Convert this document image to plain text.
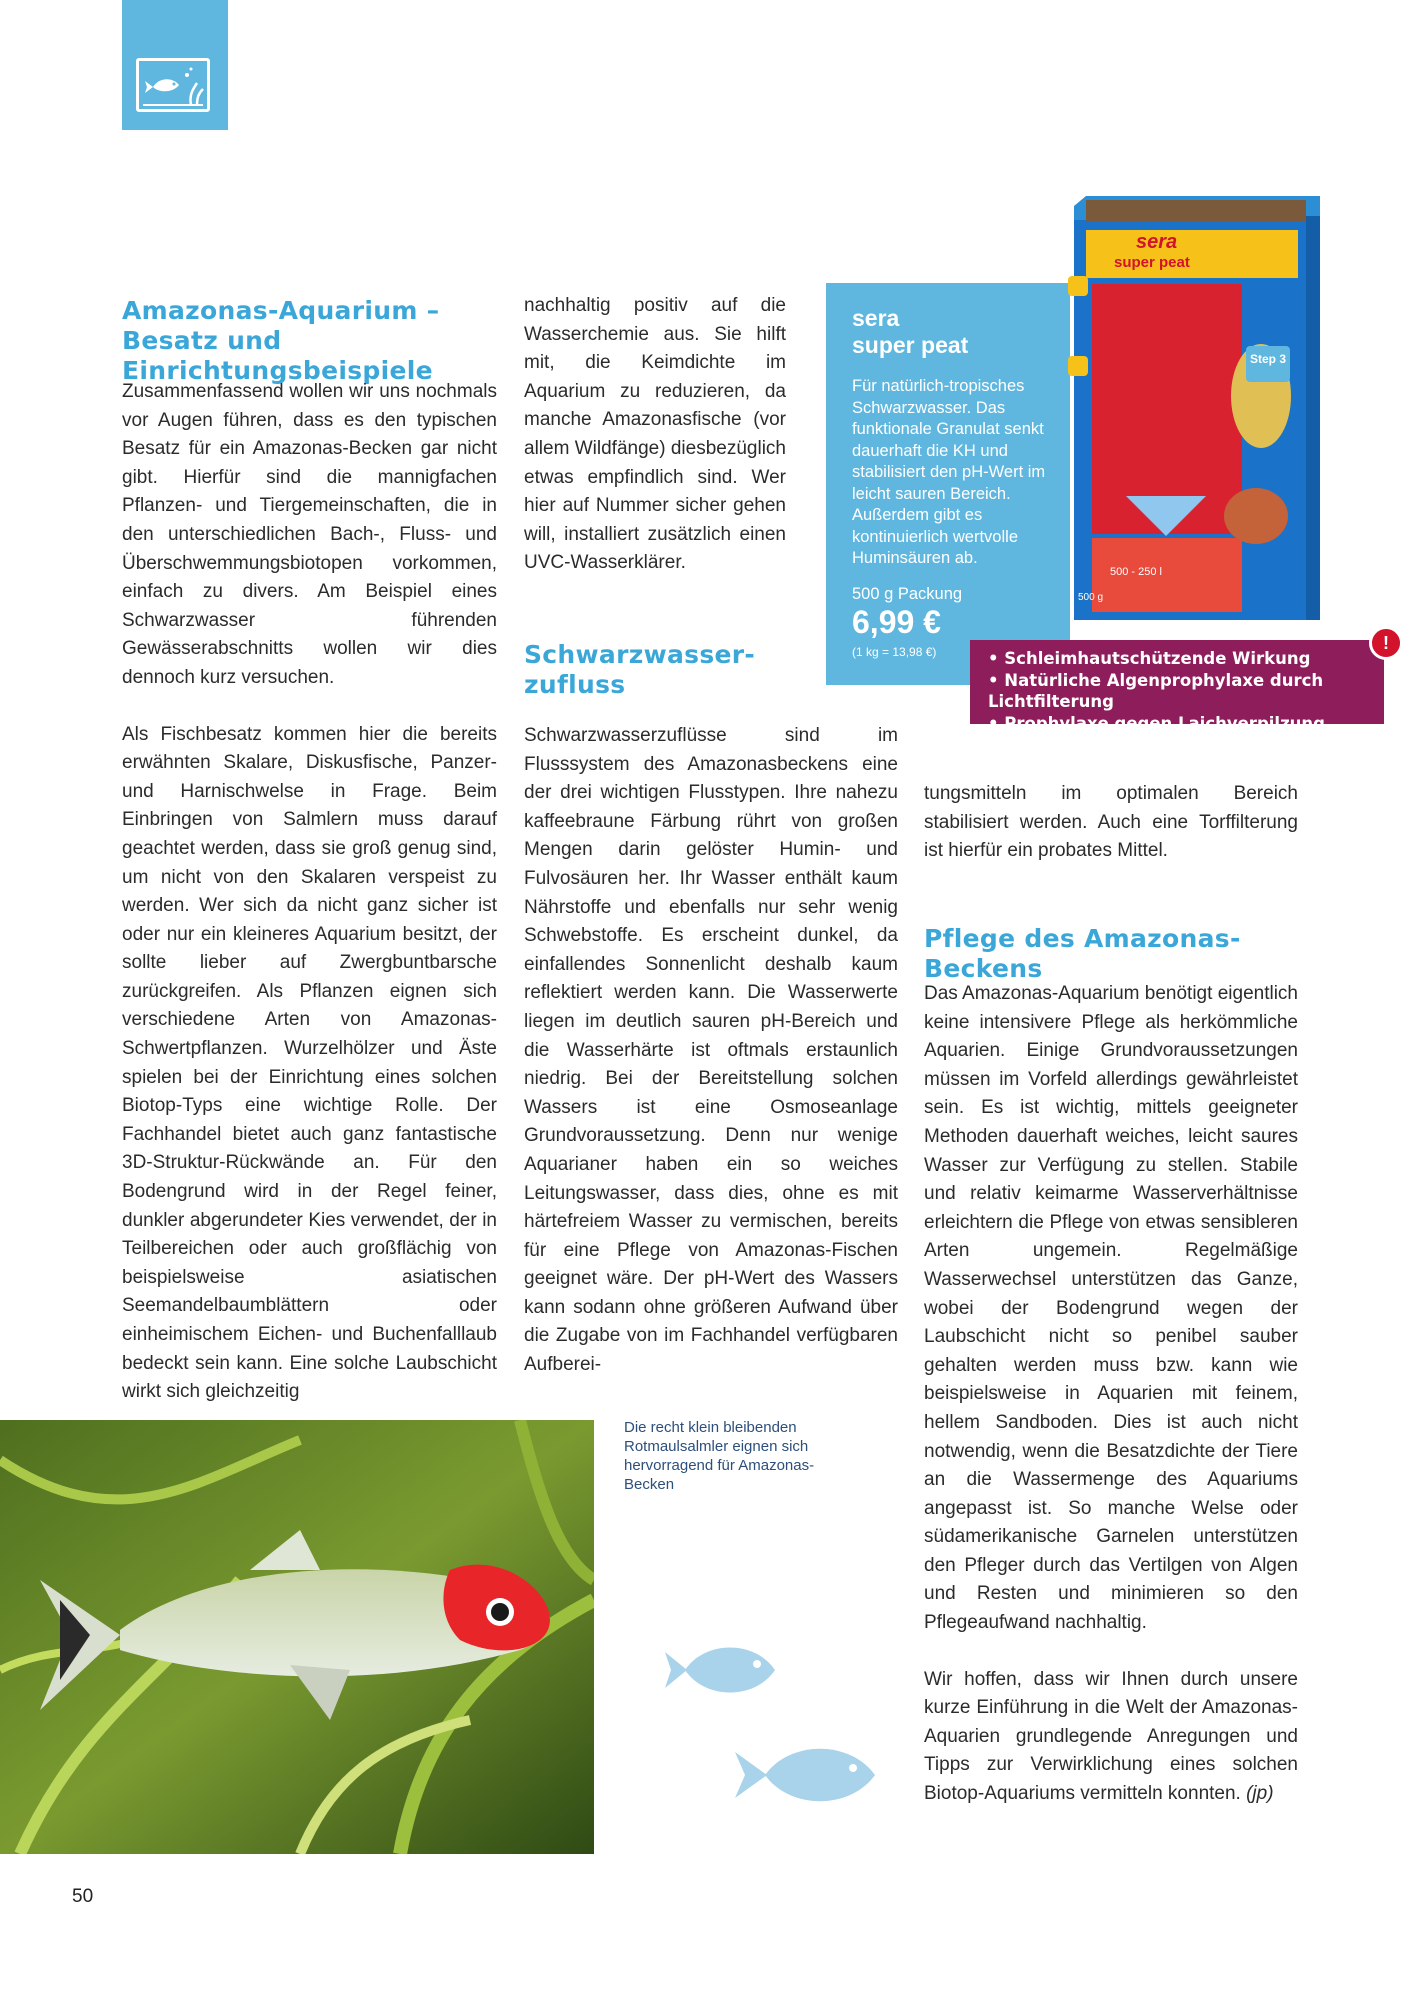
Amazonas-Aquarium – Besatz und Einrichtungsbeispiele

Zusammenfassend wollen wir uns nochmals vor Augen führen, dass es den typischen Besatz für ein Amazonas-Becken gar nicht gibt. Hierfür sind die mannigfachen Pflanzen- und Tiergemeinschaften, die in den unterschiedlichen Bach-, Fluss- und Überschwemmungsbiotopen vorkommen, einfach zu divers. Am Beispiel eines Schwarzwasser führenden Gewässerabschnitts wollen wir dies dennoch kurz versuchen.

Als Fischbesatz kommen hier die bereits erwähnten Skalare, Diskusfische, Panzer- und Harnischwelse in Frage. Beim Einbringen von Salmlern muss darauf geachtet werden, dass sie groß genug sind, um nicht von den Skalaren verspeist zu werden. Wer sich da nicht ganz sicher ist oder nur ein kleineres Aquarium besitzt, der sollte lieber auf Zwergbuntbarsche zurückgreifen. Als Pflanzen eignen sich verschiedene Arten von Amazonas-Schwertpflanzen. Wurzelhölzer und Äste spielen bei der Einrichtung eines solchen Biotop-Typs eine wichtige Rolle. Der Fachhandel bietet auch ganz fantastische 3D-Struktur-Rückwände an. Für den Bodengrund wird in der Regel feiner, dunkler abgerundeter Kies verwendet, der in Teilbereichen oder auch großflächig von beispielsweise asiatischen Seemandelbaumblättern oder einheimischem Eichen- und Buchenfalllaub bedeckt sein kann. Eine solche Laubschicht wirkt sich gleichzeitig

nachhaltig positiv auf die Wasserchemie aus. Sie hilft mit, die Keimdichte im Aquarium zu reduzieren, da manche Amazonasfische (vor allem Wildfänge) diesbezüglich etwas empfindlich sind. Wer hier auf Nummer sicher gehen will, installiert zusätzlich einen UVC-Wasserklärer.

Schwarzwasser-zufluss

Schwarzwasserzuflüsse sind im Flusssystem des Amazonasbeckens eine der drei wichtigen Flusstypen. Ihre nahezu kaffeebraune Färbung rührt von großen Mengen darin gelöster Humin- und Fulvosäuren her. Ihr Wasser enthält kaum Nährstoffe und ebenfalls nur sehr wenig Schwebstoffe. Es erscheint dunkel, da einfallendes Sonnenlicht deshalb kaum reflektiert werden kann. Die Wasserwerte liegen im deutlich sauren pH-Bereich und die Wasserhärte ist oftmals erstaunlich niedrig. Bei der Bereitstellung solchen Wassers ist eine Osmoseanlage Grundvoraussetzung. Denn nur wenige Aquarianer haben ein so weiches Leitungswasser, dass dies, ohne es mit härtefreiem Wasser zu vermischen, bereits für eine Pflege von Amazonas-Fischen geeignet wäre. Der pH-Wert des Wassers kann sodann ohne größeren Aufwand über die Zugabe von im Fachhandel verfügbaren Aufberei-

sera
super peat
Für natürlich-tropisches Schwarzwasser. Das funktionale Granulat senkt dauerhaft die KH und stabilisiert den pH-Wert im leicht sauren Bereich. Außerdem gibt es kontinuierlich wertvolle Huminsäuren ab.
500 g Packung
6,99 €
(1 kg = 13,98 €)
sera
super peat
Step 3
500 - 250 l
500 g
• Schleimhautschützende Wirkung
• Natürliche Algenprophylaxe durch Lichtfilterung
• Prophylaxe gegen Laichverpilzung
!

tungsmitteln im optimalen Bereich stabilisiert werden. Auch eine Torffilterung ist hierfür ein probates Mittel.

Pflege des Amazonas-Beckens

Das Amazonas-Aquarium benötigt eigentlich keine intensivere Pflege als herkömmliche Aquarien. Einige Grundvoraussetzungen müssen im Vorfeld allerdings gewährleistet sein. Es ist wichtig, mittels geeigneter Methoden dauerhaft weiches, leicht saures Wasser zur Verfügung zu stellen. Stabile und relativ keimarme Wasserverhältnisse erleichtern die Pflege von etwas sensibleren Arten ungemein. Regelmäßige Wasserwechsel unterstützen das Ganze, wobei der Bodengrund wegen der Laubschicht nicht so penibel sauber gehalten werden muss bzw. kann wie beispielsweise in Aquarien mit feinem, hellem Sandboden. Dies ist auch nicht notwendig, wenn die Besatzdichte der Tiere an die Wassermenge des Aquariums angepasst ist. So manche Welse oder südamerikanische Garnelen unterstützen den Pfleger durch das Vertilgen von Algen und Resten und minimieren so den Pflegeaufwand nachhaltig.

Wir hoffen, dass wir Ihnen durch unsere kurze Einführung in die Welt der Amazonas-Aquarien grundlegende Anregungen und Tipps zur Verwirklichung eines solchen Biotop-Aquariums vermitteln konnten. (jp)

Die recht klein bleibenden Rotmaulsalmler eignen sich hervorragend für Amazonas-Becken
50
